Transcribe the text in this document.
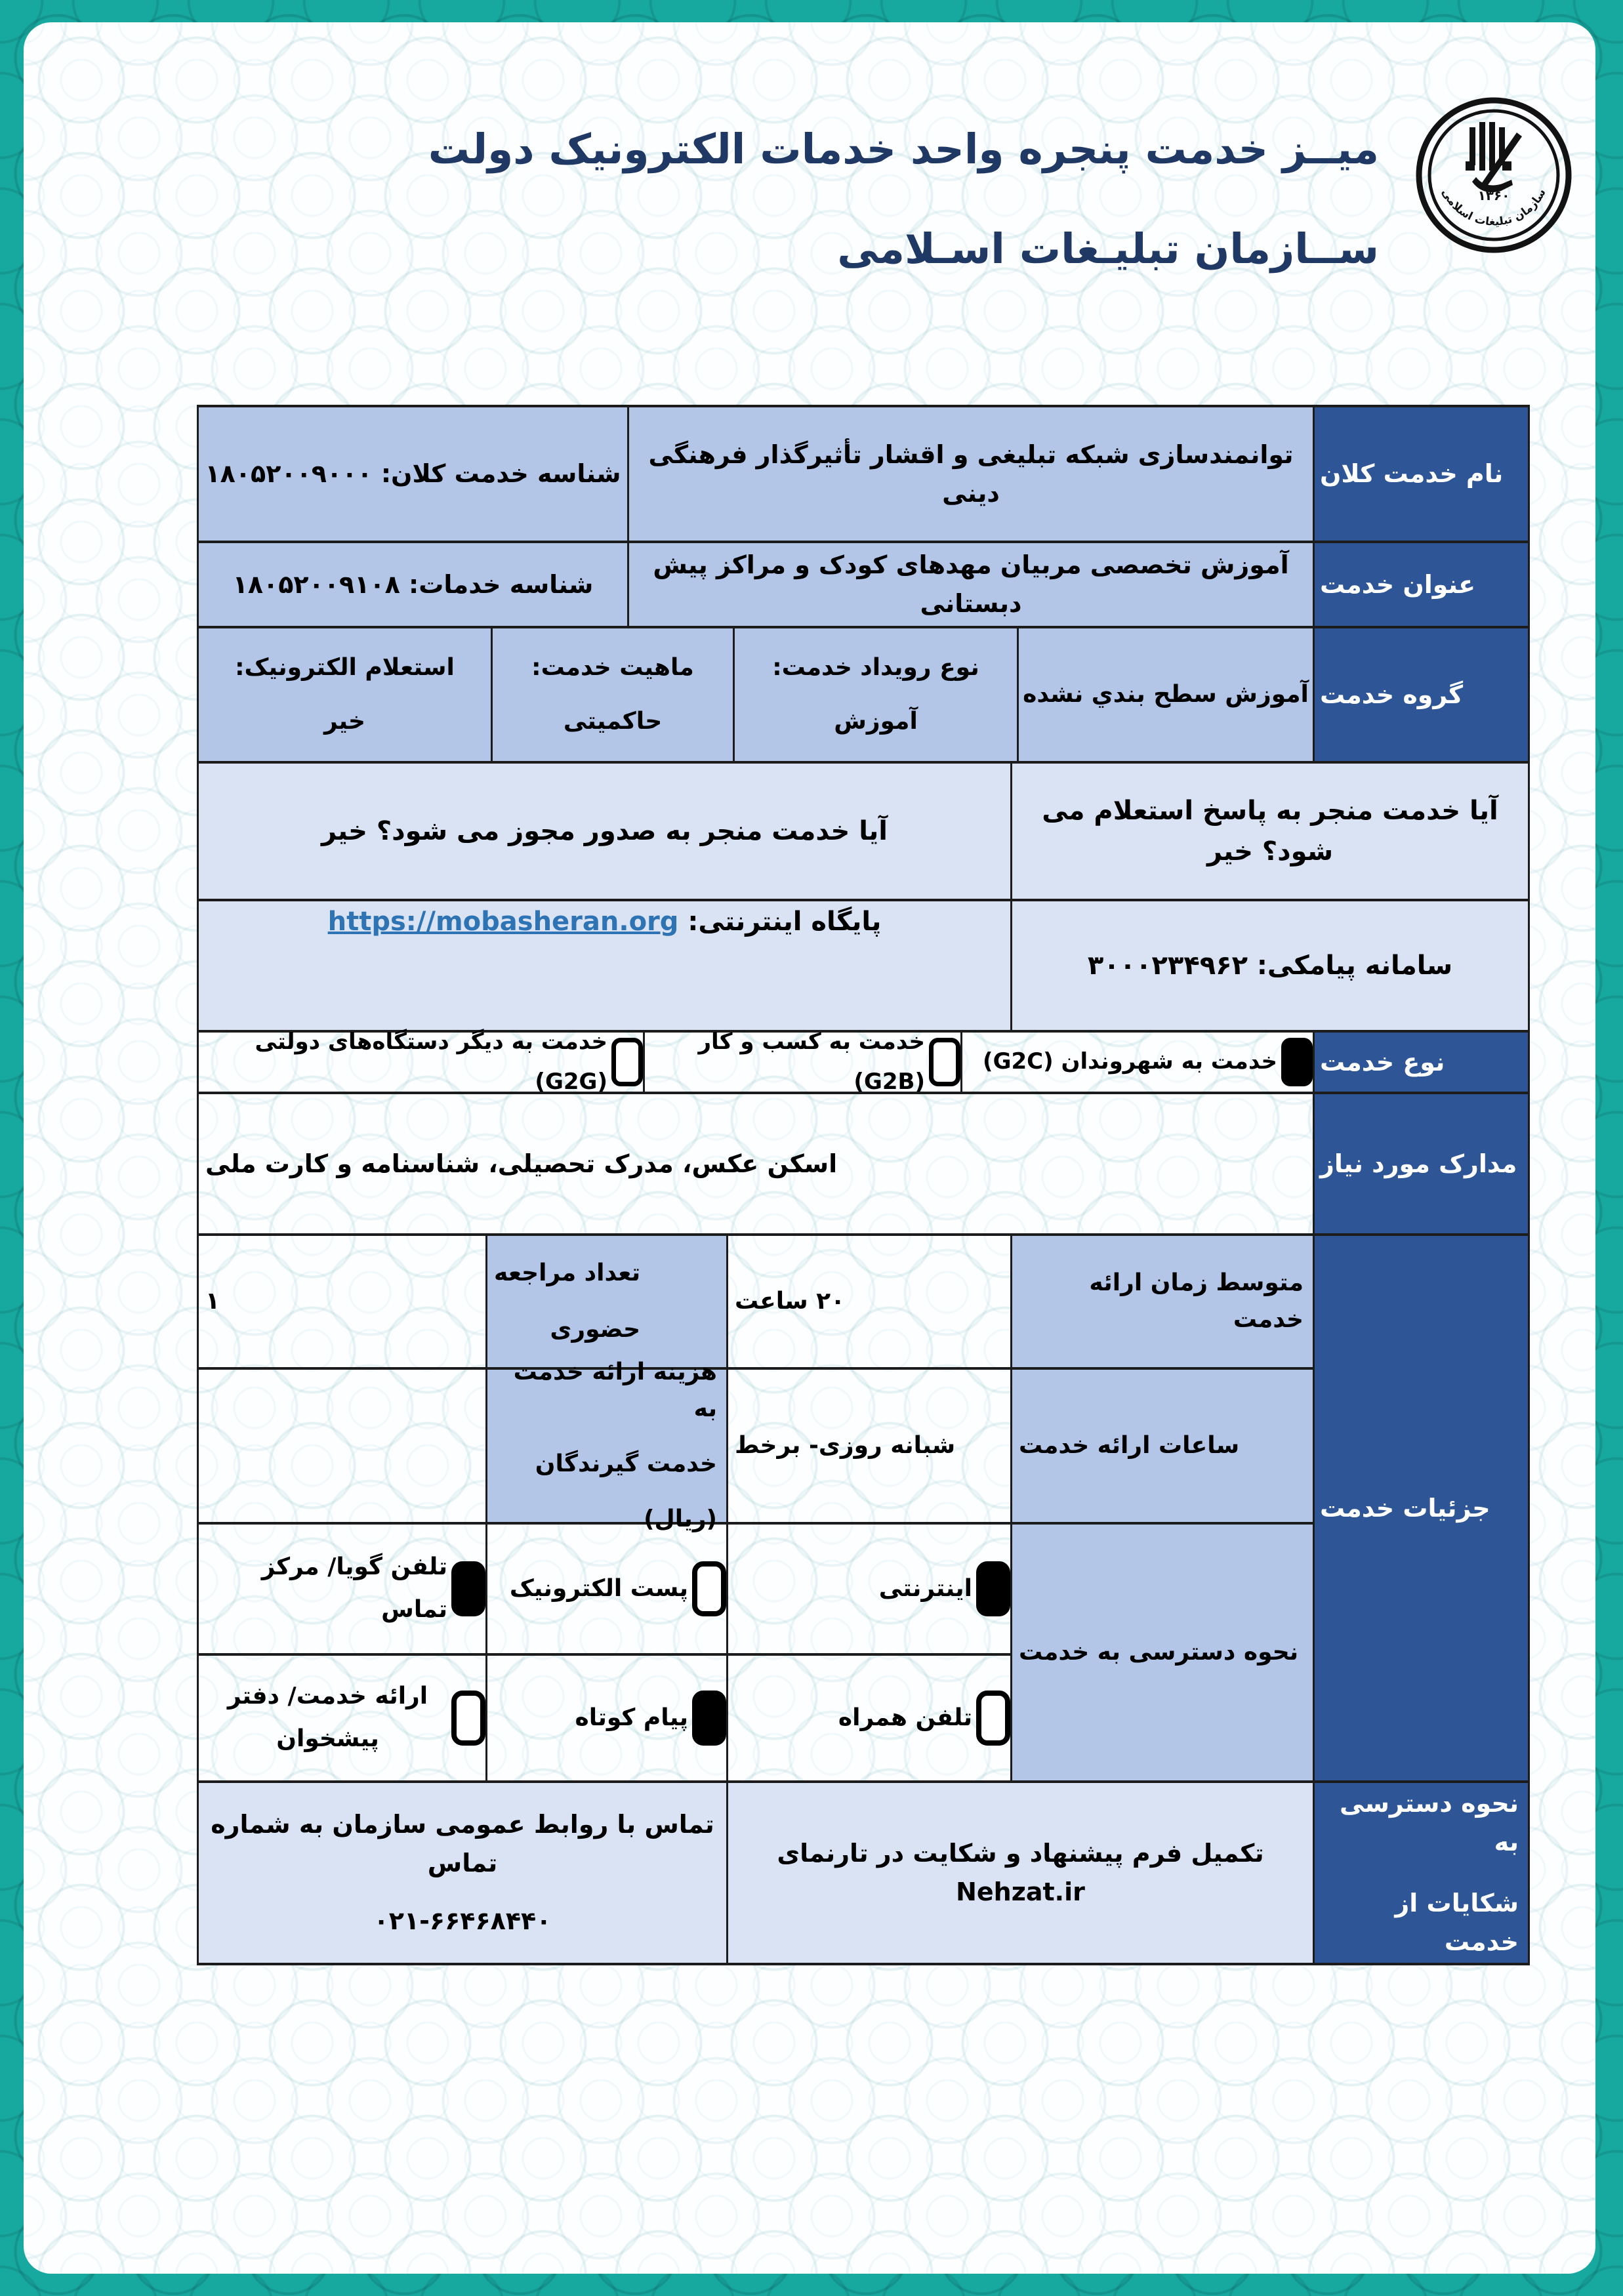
میــز خدمت پنجره واحد خدمات الکترونیک دولت
ســازمان تبلیـغات اسـلامی
۱۳۶۰
سازمان تبلیغات اسلامی
نام خدمت کلان
توانمندسازی شبکه تبلیغی و اقشار تأثیرگذار فرهنگی دینی
شناسه خدمت کلان: ۱۸۰۵۲۰۰۹۰۰۰
عنوان خدمت
آموزش تخصصی مربیان مهدهای کودک و مراکز پیش دبستانی
شناسه خدمات: ۱۸۰۵۲۰۰۹۱۰۸
گروه خدمت
آموزش سطح بندي نشده
نوع رویداد خدمت:
آموزش
ماهیت خدمت:
حاکمیتی
استعلام الکترونیک:
خیر
آیا خدمت منجر به پاسخ استعلام می شود؟ خیر
آیا خدمت منجر به صدور مجوز می شود؟ خیر
سامانه پیامکی: ۳۰۰۰۲۳۴۹۶۲
پایگاه اینترنتی:
https://mobasheran.org
نوع خدمت
خدمت به شهروندان (G2C)
خدمت به کسب و کار (G2B)
خدمت به دیگر دستگاه‌های دولتی (G2G)
مدارک مورد نیاز
اسکن عکس، مدرک تحصیلی، شناسنامه و کارت ملی
جزئیات خدمت
متوسط زمان ارائه خدمت
۲۰ ساعت
تعداد مراجعه
حضوری
۱
ساعات ارائه خدمت
شبانه روزی- برخط
هزینه ارائه خدمت به
خدمت گیرندگان
(ریال)
نحوه دسترسی به خدمت
اینترنتی
پست الکترونیک
تلفن گویا/ مرکز تماس
تلفن همراه
پیام کوتاه
ارائه خدمت/ دفتر پیشخوان
نحوه دسترسی به
شکایات از خدمت
تکمیل فرم پیشنهاد و شکایت در تارنمای Nehzat.ir
تماس با روابط عمومی سازمان به شماره تماس
۰۲۱-۶۶۴۶۸۴۴۰
